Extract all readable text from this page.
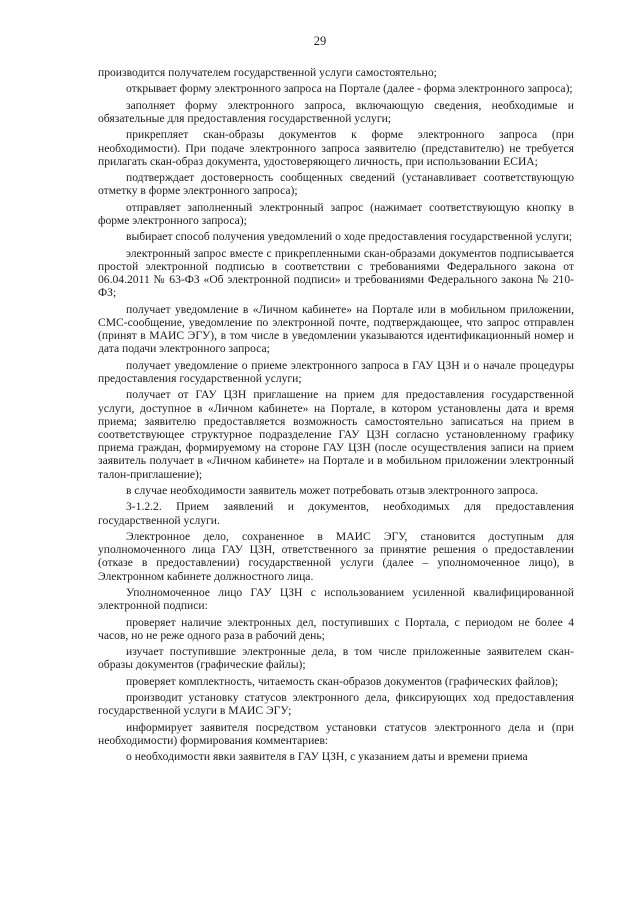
29

производится получателем государственной услуги самостоятельно;

открывает форму электронного запроса на Портале (далее - форма электронного запроса);

заполняет форму электронного запроса, включающую сведения, необходимые и обязательные для предоставления государственной услуги;

прикрепляет скан-образы документов к форме электронного запроса (при необходимости). При подаче электронного запроса заявителю (представителю) не требуется прилагать скан-образ документа, удостоверяющего личность, при использовании ЕСИА;

подтверждает достоверность сообщенных сведений (устанавливает соответствующую отметку в форме электронного запроса);

отправляет заполненный электронный запрос (нажимает соответствующую кнопку в форме электронного запроса);

выбирает способ получения уведомлений о ходе предоставления государственной услуги;

электронный запрос вместе с прикрепленными скан-образами документов подписывается простой электронной подписью в соответствии с требованиями Федерального закона от 06.04.2011 № 63-ФЗ «Об электронной подписи» и требованиями Федерального закона № 210-ФЗ;

получает уведомление в «Личном кабинете» на Портале или в мобильном приложении, СМС-сообщение, уведомление по электронной почте, подтверждающее, что запрос отправлен (принят в МАИС ЭГУ), в том числе в уведомлении указываются идентификационный номер и дата подачи электронного запроса;

получает уведомление о приеме электронного запроса в ГАУ ЦЗН и о начале процедуры предоставления государственной услуги;

получает от ГАУ ЦЗН приглашение на прием для предоставления государственной услуги, доступное в «Личном кабинете» на Портале, в котором установлены дата и время приема; заявителю предоставляется возможность самостоятельно записаться на прием в соответствующее структурное подразделение ГАУ ЦЗН согласно установленному графику приема граждан, формируемому на стороне ГАУ ЦЗН (после осуществления записи на прием заявитель получает в «Личном кабинете» на Портале и в мобильном приложении электронный талон-приглашение);

в случае необходимости заявитель может потребовать отзыв электронного запроса.

3-1.2.2. Прием заявлений и документов, необходимых для предоставления государственной услуги.

Электронное дело, сохраненное в МАИС ЭГУ, становится доступным для уполномоченного лица ГАУ ЦЗН, ответственного за принятие решения о предоставлении (отказе в предоставлении) государственной услуги (далее – уполномоченное лицо), в Электронном кабинете должностного лица.

Уполномоченное лицо ГАУ ЦЗН с использованием усиленной квалифицированной электронной подписи:

проверяет наличие электронных дел, поступивших с Портала, с периодом не более 4 часов, но не реже одного раза в рабочий день;

изучает поступившие электронные дела, в том числе приложенные заявителем скан-образы документов (графические файлы);

проверяет комплектность, читаемость скан-образов документов (графических файлов);

производит установку статусов электронного дела, фиксирующих ход предоставления государственной услуги в МАИС ЭГУ;

информирует заявителя посредством установки статусов электронного дела и (при необходимости) формирования комментариев:

о необходимости явки заявителя в ГАУ ЦЗН, с указанием даты и времени приема
